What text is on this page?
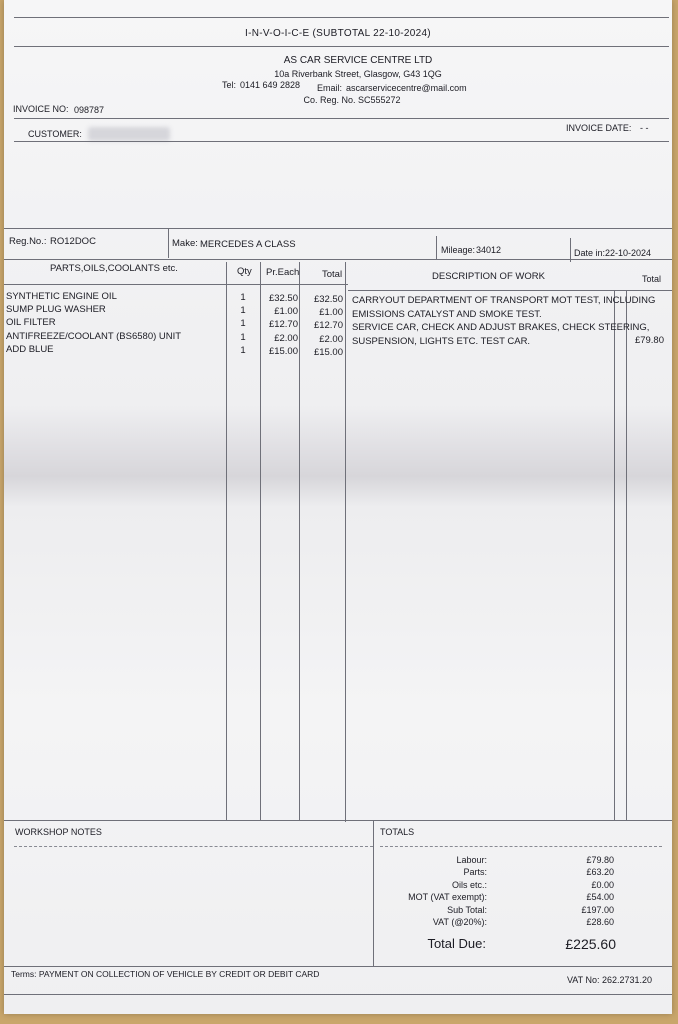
I-N-V-O-I-C-E (SUBTOTAL 22-10-2024)
AS CAR SERVICE CENTRE LTD
10a Riverbank Street, Glasgow, G43 1QG
Tel: 0141 649 2828 Email: ascarservicecentre@mail.com
Co. Reg. No. SC555272
INVOICE NO: 098787
INVOICE DATE: - -
CUSTOMER:
Reg.No.: RO12DOC	Make: MERCEDES A CLASS	Mileage: 34012	Date in: 22-10-2024
PARTS,OILS,COOLANTS etc.	Qty Pr.Each Total	DESCRIPTION OF WORK	Total
SYNTHETIC ENGINE OIL	1	£32.50	£32.50
SUMP PLUG WASHER	1	£1.00	£1.00
OIL FILTER	1	£12.70	£12.70
ANTIFREEZE/COOLANT (BS6580) UNIT	1	£2.00	£2.00
ADD BLUE	1	£15.00	£15.00
CARRYOUT DEPARTMENT OF TRANSPORT MOT TEST, INCLUDING
EMISSIONS CATALYST AND SMOKE TEST.
SERVICE CAR, CHECK AND ADJUST BRAKES, CHECK STEERING,
SUSPENSION, LIGHTS ETC. TEST CAR.	£79.80
WORKSHOP NOTES	TOTALS
Labour:	£79.80
Parts:	£63.20
Oils etc.:	£0.00
MOT (VAT exempt):	£54.00
Sub Total:	£197.00
VAT (@20%):	£28.60
Total Due:	£225.60
Terms: PAYMENT ON COLLECTION OF VEHICLE BY CREDIT OR DEBIT CARD
VAT No: 262.2731.20
